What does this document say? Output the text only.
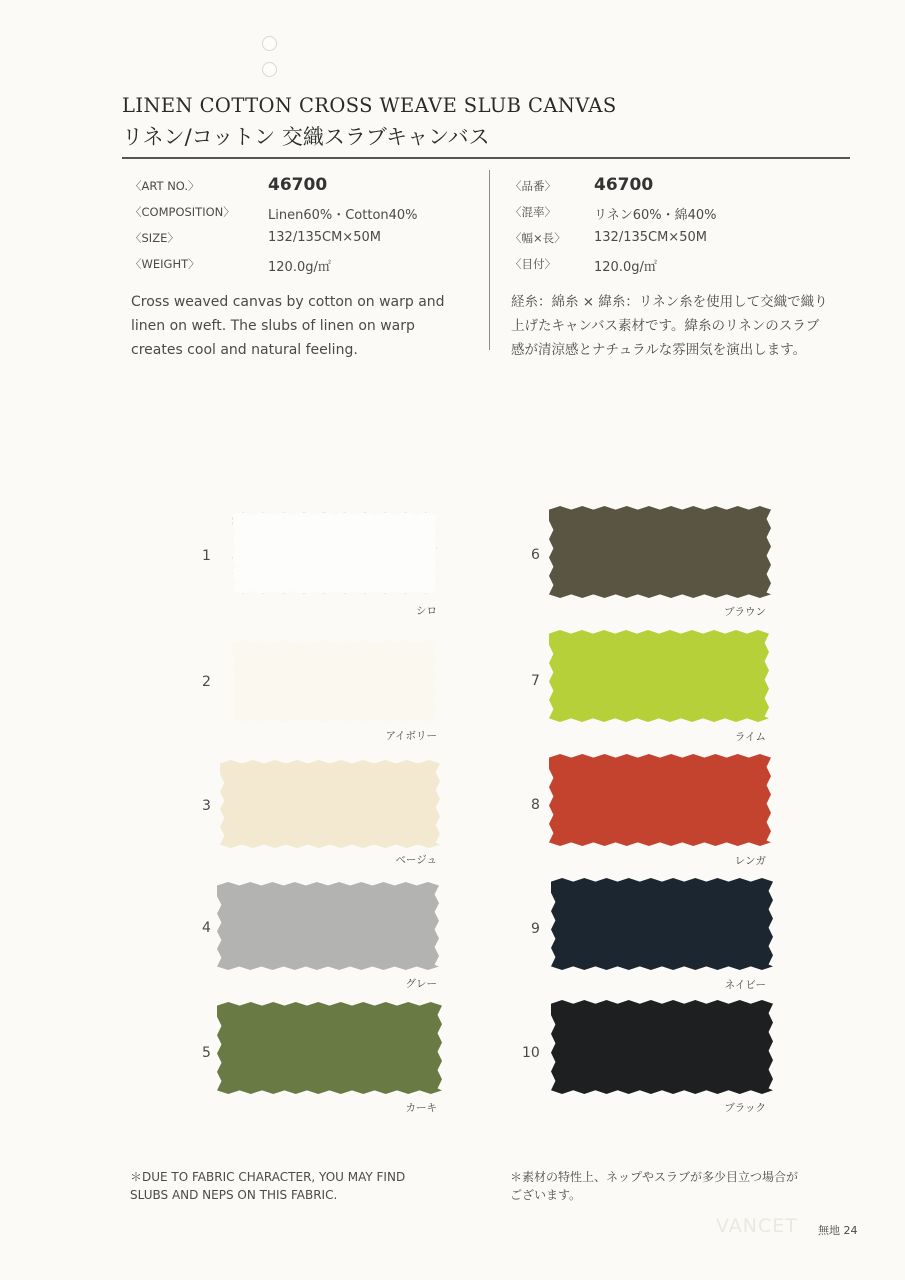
LINEN COTTON CROSS WEAVE SLUB CANVAS
リネン/コットン 交織スラブキャンバス
〈ART NO.〉	46700
〈COMPOSITION〉	Linen60%・Cotton40%
〈SIZE〉	132/135CM×50M
〈WEIGHT〉	120.0g/㎡
〈品番〉 46700
〈混率〉	リネン60%・綿40%
〈幅×長〉 132/135CM×50M
〈目付〉	120.0g/㎡
Cross weaved canvas by cotton on warp and
linen on weft. The slubs of linen on warp
creates cool and natural feeling.
経糸：綿糸 × 緯糸：リネン糸を使用して交織で織り
上げたキャンバス素材です。緯糸のリネンのスラブ
感が清涼感とナチュラルな雰囲気を演出します。
1
シロ
2
アイボリー
3
ベージュ
4
グレー
5
カーキ
6
ブラウン
7
ライム
8
レンガ
9
ネイビー
10
ブラック
＊DUE TO FABRIC CHARACTER, YOU MAY FIND
SLUBS AND NEPS ON THIS FABRIC.
＊素材の特性上、ネップやスラブが多少目立つ場合が
ございます。
VANCET 無地 24
